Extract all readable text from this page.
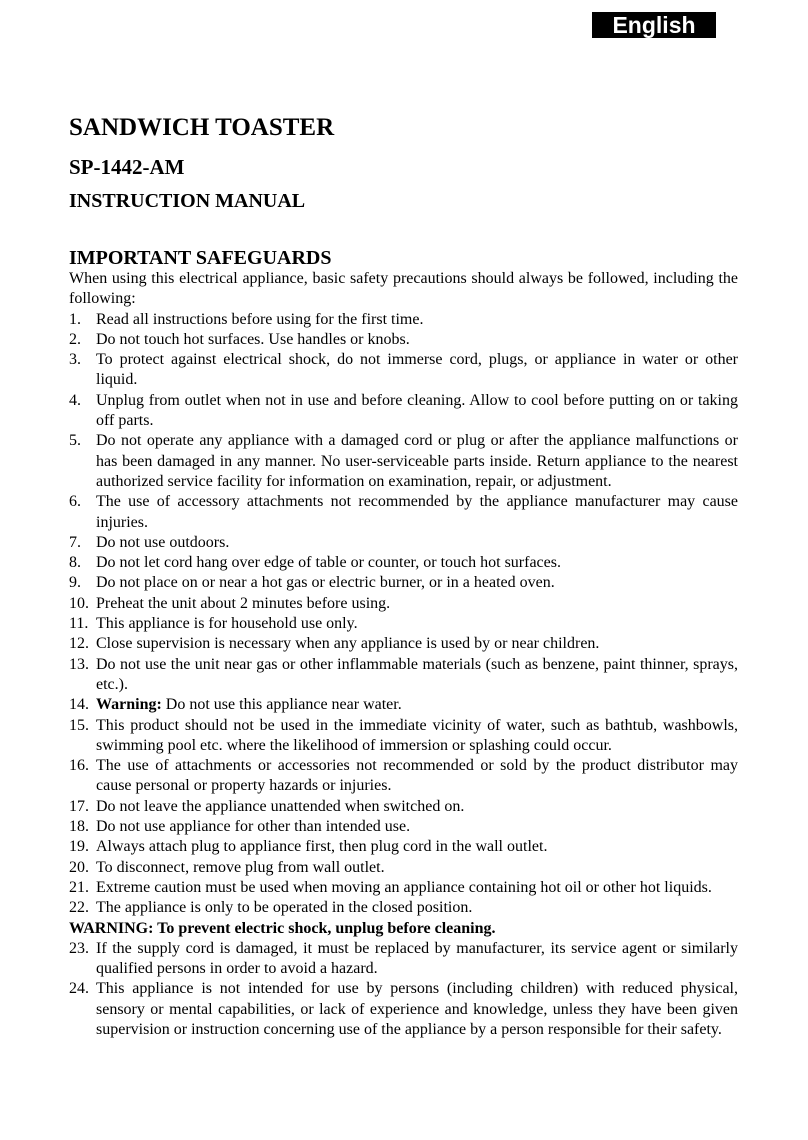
English
SANDWICH TOASTER
SP-1442-AM
INSTRUCTION MANUAL
IMPORTANT SAFEGUARDS

When using this electrical appliance, basic safety precautions should always be followed, including the following:

1. Read all instructions before using for the first time.
2. Do not touch hot surfaces. Use handles or knobs.
3. To protect against electrical shock, do not immerse cord, plugs, or appliance in water or other liquid.
4. Unplug from outlet when not in use and before cleaning. Allow to cool before putting on or taking off parts.
5. Do not operate any appliance with a damaged cord or plug or after the appliance malfunctions or has been damaged in any manner. No user-serviceable parts inside. Return appliance to the nearest authorized service facility for information on examination, repair, or adjustment.
6. The use of accessory attachments not recommended by the appliance manufacturer may cause injuries.
7. Do not use outdoors.
8. Do not let cord hang over edge of table or counter, or touch hot surfaces.
9. Do not place on or near a hot gas or electric burner, or in a heated oven.
10. Preheat the unit about 2 minutes before using.
11. This appliance is for household use only.
12. Close supervision is necessary when any appliance is used by or near children.
13. Do not use the unit near gas or other inflammable materials (such as benzene, paint thinner, sprays, etc.).
14. Warning: Do not use this appliance near water.
15. This product should not be used in the immediate vicinity of water, such as bathtub, washbowls, swimming pool etc. where the likelihood of immersion or splashing could occur.
16. The use of attachments or accessories not recommended or sold by the product distributor may cause personal or property hazards or injuries.
17. Do not leave the appliance unattended when switched on.
18. Do not use appliance for other than intended use.
19. Always attach plug to appliance first, then plug cord in the wall outlet.
20. To disconnect, remove plug from wall outlet.
21. Extreme caution must be used when moving an appliance containing hot oil or other hot liquids.
22. The appliance is only to be operated in the closed position.
WARNING: To prevent electric shock, unplug before cleaning.
23. If the supply cord is damaged, it must be replaced by manufacturer, its service agent or similarly qualified persons in order to avoid a hazard.
24. This appliance is not intended for use by persons (including children) with reduced physical, sensory or mental capabilities, or lack of experience and knowledge, unless they have been given supervision or instruction concerning use of the appliance by a person responsible for their safety.
